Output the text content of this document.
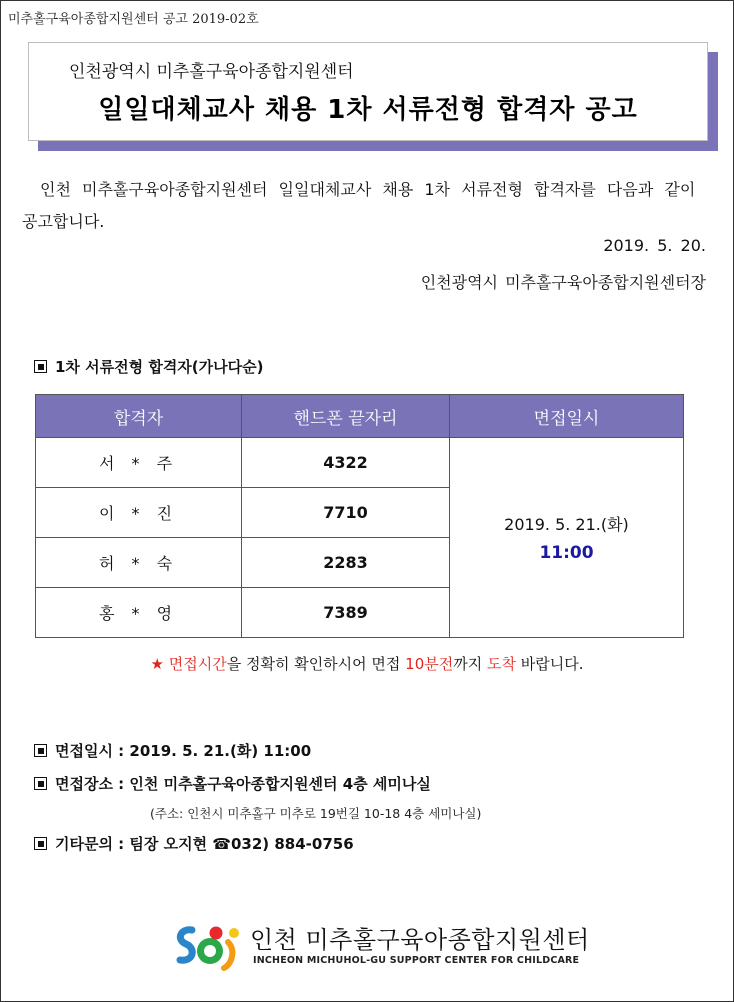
미추홀구육아종합지원센터 공고 2019-02호
인천광역시 미추홀구육아종합지원센터
일일대체교사 채용 1차 서류전형 합격자 공고
인천 미추홀구육아종합지원센터 일일대체교사 채용 1차 서류전형 합격자를 다음과 같이 공고합니다.
2019. 5. 20.
인천광역시 미추홀구육아종합지원센터장
1차 서류전형 합격자(가나다순)
합격자	핸드폰 끝자리	면접일시
서 * 주	4322	2019. 5. 21.(화)
11:00

이 * 진	7710	
허 * 숙	2283	
홍 * 영	7389	
★ 면접시간을 정확히 확인하시어 면접 10분전까지 도착 바랍니다.
면접일시 : 2019. 5. 21.(화) 11:00
면접장소 : 인천 미추홀구육아종합지원센터 4층 세미나실
(주소: 인천시 미추홀구 미추로 19번길 10-18 4층 세미나실)
기타문의 : 팀장 오지현 ☎032) 884-0756
인천 미추홀구육아종합지원센터
INCHEON MICHUHOL-GU SUPPORT CENTER FOR CHILDCARE
